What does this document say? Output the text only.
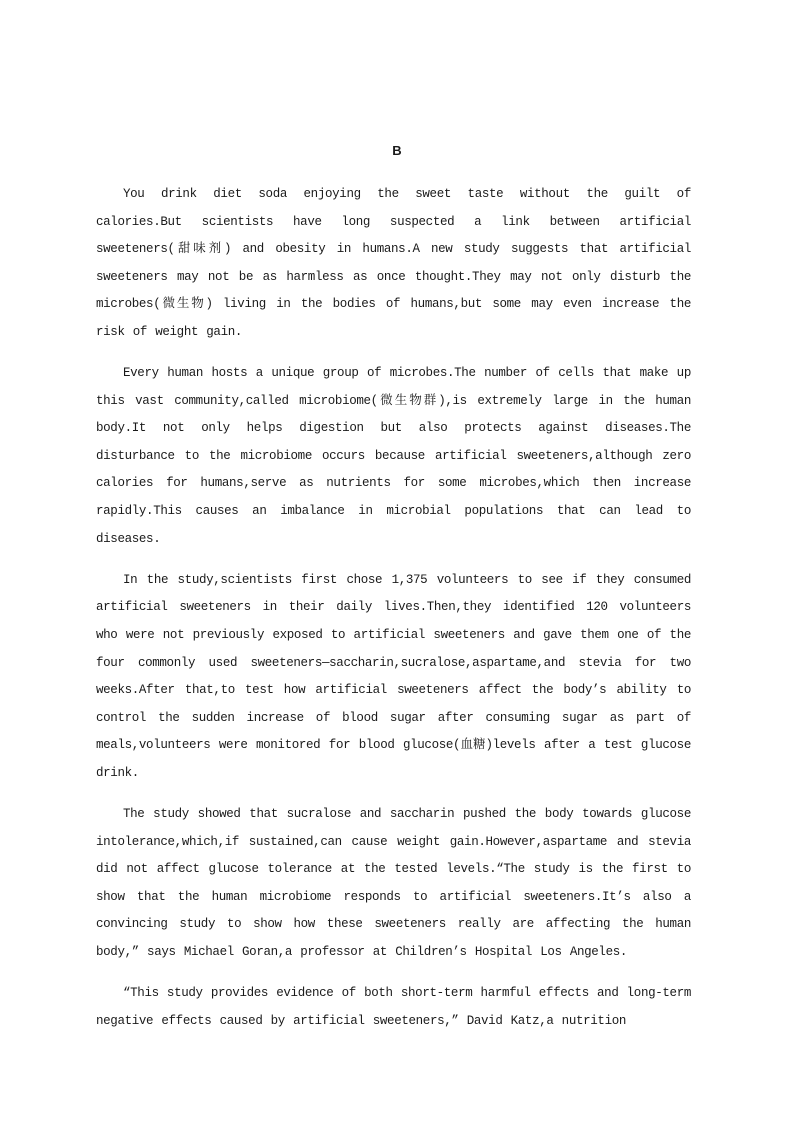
B

You drink diet soda enjoying the sweet taste without the guilt of calories.But scientists have long suspected a link between artificial sweeteners(甜味剂) and obesity in humans.A new study suggests that artificial sweeteners may not be as harmless as once thought.They may not only disturb the microbes(微生物) living in the bodies of humans,but some may even increase the risk of weight gain.

Every human hosts a unique group of microbes.The number of cells that make up this vast community,called microbiome(微生物群),is extremely large in the human body.It not only helps digestion but also protects against diseases.The disturbance to the microbiome occurs because artificial sweeteners,although zero calories for humans,serve as nutrients for some microbes,which then increase rapidly.This causes an imbalance in microbial populations that can lead to diseases.

In the study,scientists first chose 1,375 volunteers to see if they consumed artificial sweeteners in their daily lives.Then,they identified 120 volunteers who were not previously exposed to artificial sweeteners and gave them one of the four commonly used sweeteners—saccharin,sucralose,aspartame,and stevia for two weeks.After that,to test how artificial sweeteners affect the body’s ability to control the sudden increase of blood sugar after consuming sugar as part of meals,volunteers were monitored for blood glucose(血糖)levels after a test glucose drink.

The study showed that sucralose and saccharin pushed the body towards glucose intolerance,which,if sustained,can cause weight gain.However,aspartame and stevia did not affect glucose tolerance at the tested levels.“The study is the first to show that the human microbiome responds to artificial sweeteners.It’s also a convincing study to show how these sweeteners really are affecting the human body,” says Michael Goran,a professor at Children’s Hospital Los Angeles.

“This study provides evidence of both short-term harmful effects and long-term negative effects caused by artificial sweeteners,” David Katz,a nutrition
